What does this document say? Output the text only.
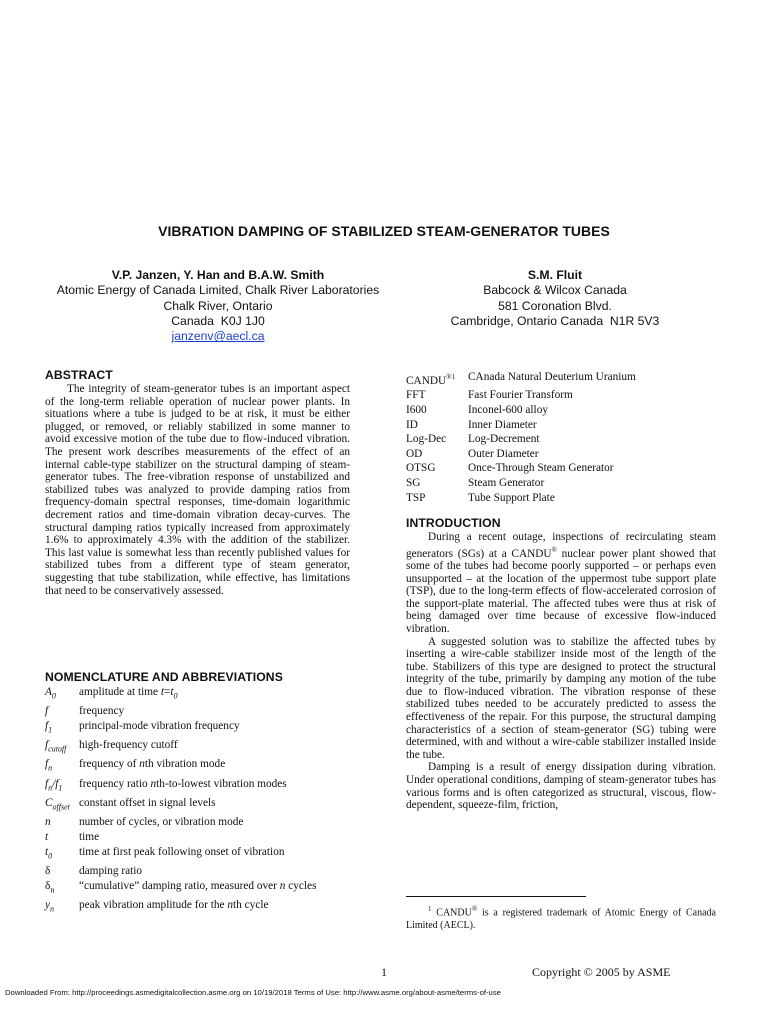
VIBRATION DAMPING OF STABILIZED STEAM-GENERATOR TUBES
V.P. Janzen, Y. Han and B.A.W. Smith
Atomic Energy of Canada Limited, Chalk River Laboratories
Chalk River, Ontario
Canada  K0J 1J0
janzenv@aecl.ca
S.M. Fluit
Babcock & Wilcox Canada
581 Coronation Blvd.
Cambridge, Ontario Canada  N1R 5V3
ABSTRACT
The integrity of steam-generator tubes is an important aspect of the long-term reliable operation of nuclear power plants. In situations where a tube is judged to be at risk, it must be either plugged, or removed, or reliably stabilized in some manner to avoid excessive motion of the tube due to flow-induced vibration. The present work describes measurements of the effect of an internal cable-type stabilizer on the structural damping of steam-generator tubes. The free-vibration response of unstabilized and stabilized tubes was analyzed to provide damping ratios from frequency-domain spectral responses, time-domain logarithmic decrement ratios and time-domain vibration decay-curves. The structural damping ratios typically increased from approximately 1.6% to approximately 4.3% with the addition of the stabilizer. This last value is somewhat less than recently published values for stabilized tubes from a different type of steam generator, suggesting that tube stabilization, while effective, has limitations that need to be conservatively assessed.
NOMENCLATURE AND ABBREVIATIONS
$A_0$	amplitude at time $t=t_0$
f	frequency
$f_1$	principal-mode vibration frequency
$f_{cutoff}$	high-frequency cutoff
$f_n$	frequency of nth vibration mode
$f_n/f_1$	frequency ratio nth-to-lowest vibration modes
$C_{offset}$	constant offset in signal levels
n	number of cycles, or vibration mode
t	time
$t_0$	time at first peak following onset of vibration
δ	damping ratio
$\delta_n$	“cumulative” damping ratio, measured over n cycles
$y_n$	peak vibration amplitude for the nth cycle
$CANDU^{®1}$	CAnada Natural Deuterium Uranium
FFT	Fast Fourier Transform
I600	Inconel-600 alloy
ID	Inner Diameter
Log-Dec	Log-Decrement
OD	Outer Diameter
OTSG	Once-Through Steam Generator
SG	Steam Generator
TSP	Tube Support Plate
INTRODUCTION
During a recent outage, inspections of recirculating steam generators (SGs) at a CANDU® nuclear power plant showed that some of the tubes had become poorly supported – or perhaps even unsupported – at the location of the uppermost tube support plate (TSP), due to the long-term effects of flow-accelerated corrosion of the support-plate material. The affected tubes were thus at risk of being damaged over time because of excessive flow-induced vibration.
A suggested solution was to stabilize the affected tubes by inserting a wire-cable stabilizer inside most of the length of the tube. Stabilizers of this type are designed to protect the structural integrity of the tube, primarily by damping any motion of the tube due to flow-induced vibration. The vibration response of these stabilized tubes needed to be accurately predicted to assess the effectiveness of the repair. For this purpose, the structural damping characteristics of a section of steam-generator (SG) tubing were determined, with and without a wire-cable stabilizer installed inside the tube.
Damping is a result of energy dissipation during vibration. Under operational conditions, damping of steam-generator tubes has various forms and is often categorized as structural, viscous, flow-dependent, squeeze-film, friction,
$^1$ CANDU® is a registered trademark of Atomic Energy of Canada Limited (AECL).
1	Copyright © 2005 by ASME
Downloaded From: http://proceedings.asmedigitalcollection.asme.org on 10/19/2018 Terms of Use: http://www.asme.org/about-asme/terms-of-use
